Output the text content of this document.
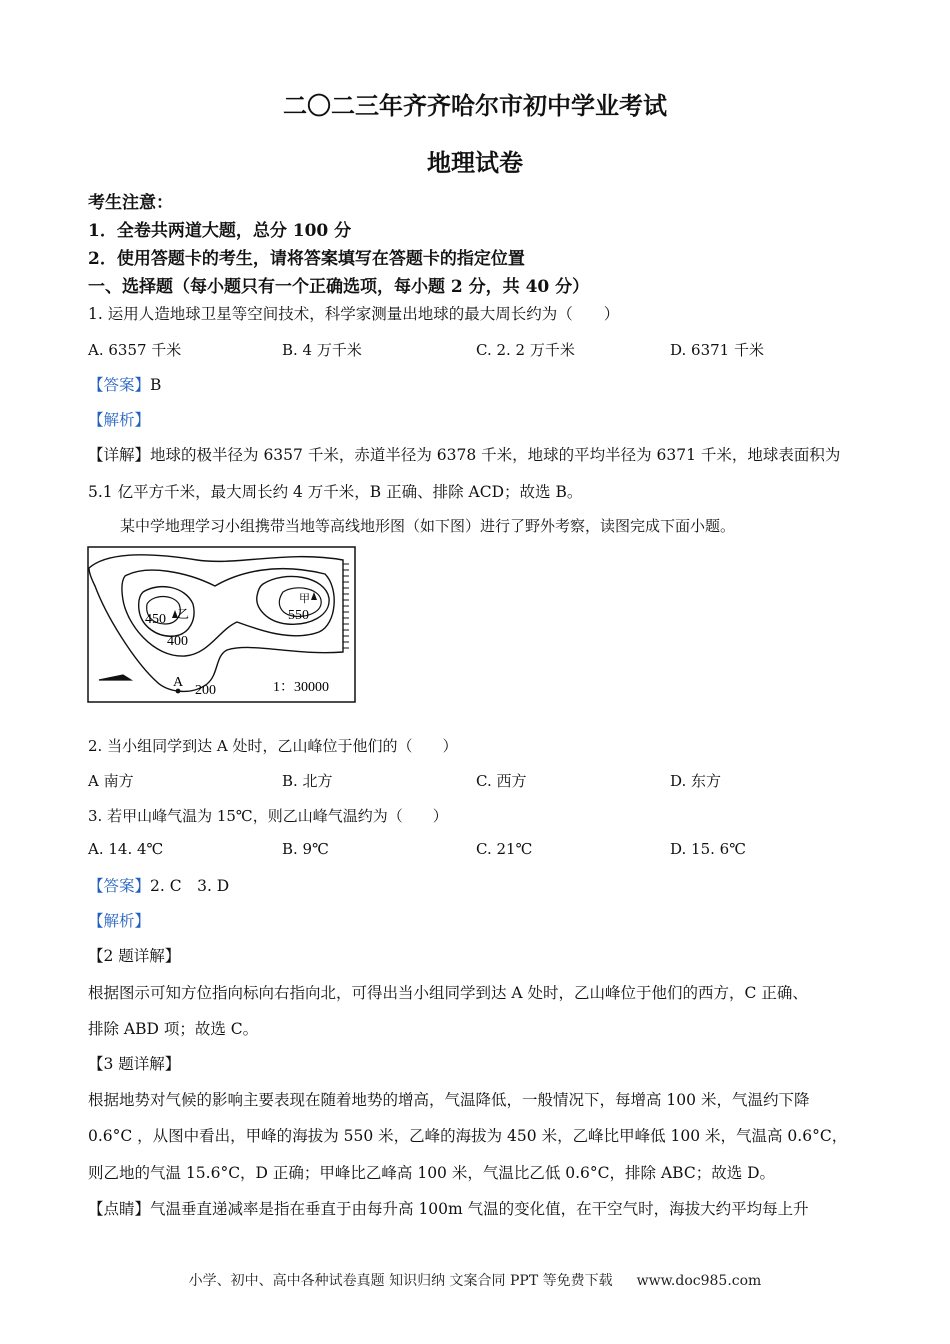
二〇二三年齐齐哈尔市初中学业考试
地理试卷
考生注意：
1．全卷共两道大题，总分 100 分
2．使用答题卡的考生，请将答案填写在答题卡的指定位置
一、选择题（每小题只有一个正确选项，每小题 2 分，共 40 分）
1. 运用人造地球卫星等空间技术，科学家测量出地球的最大周长约为（　　）
A. 6357 千米	B. 4 万千米	C. 2. 2 万千米	D. 6371 千米
【答案】B
【解析】
【详解】地球的极半径为 6357 千米，赤道半径为 6378 千米，地球的平均半径为 6371 千米，地球表面积为
5.1 亿平方千米，最大周长约 4 万千米，B 正确、排除 ACD；故选 B。
某中学地理学习小组携带当地等高线地形图（如下图）进行了野外考察，读图完成下面小题。
乙
甲
450
400
550
200
A	1：30000
2. 当小组同学到达 A 处时，乙山峰位于他们的（　　）
A 南方	B. 北方	C. 西方	D. 东方
3. 若甲山峰气温为 15℃，则乙山峰气温约为（　　）
A. 14. 4℃	B. 9℃	C. 21℃	D. 15. 6℃
【答案】2. C　3. D
【解析】
【2 题详解】
根据图示可知方位指向标向右指向北，可得出当小组同学到达 A 处时，乙山峰位于他们的西方，C 正确、
排除 ABD 项；故选 C。
【3 题详解】
根据地势对气候的影响主要表现在随着地势的增高，气温降低，一般情况下，每增高 100 米，气温约下降
0.6°C ，从图中看出，甲峰的海拔为 550 米，乙峰的海拔为 450 米，乙峰比甲峰低 100 米，气温高 0.6°C，
则乙地的气温 15.6°C，D 正确；甲峰比乙峰高 100 米，气温比乙低 0.6°C，排除 ABC；故选 D。
【点睛】气温垂直递减率是指在垂直于由每升高 100m 气温的变化值，在干空气时，海拔大约平均每上升
小学、初中、高中各种试卷真题 知识归纳 文案合同 PPT 等免费下载 www.doc985.com
